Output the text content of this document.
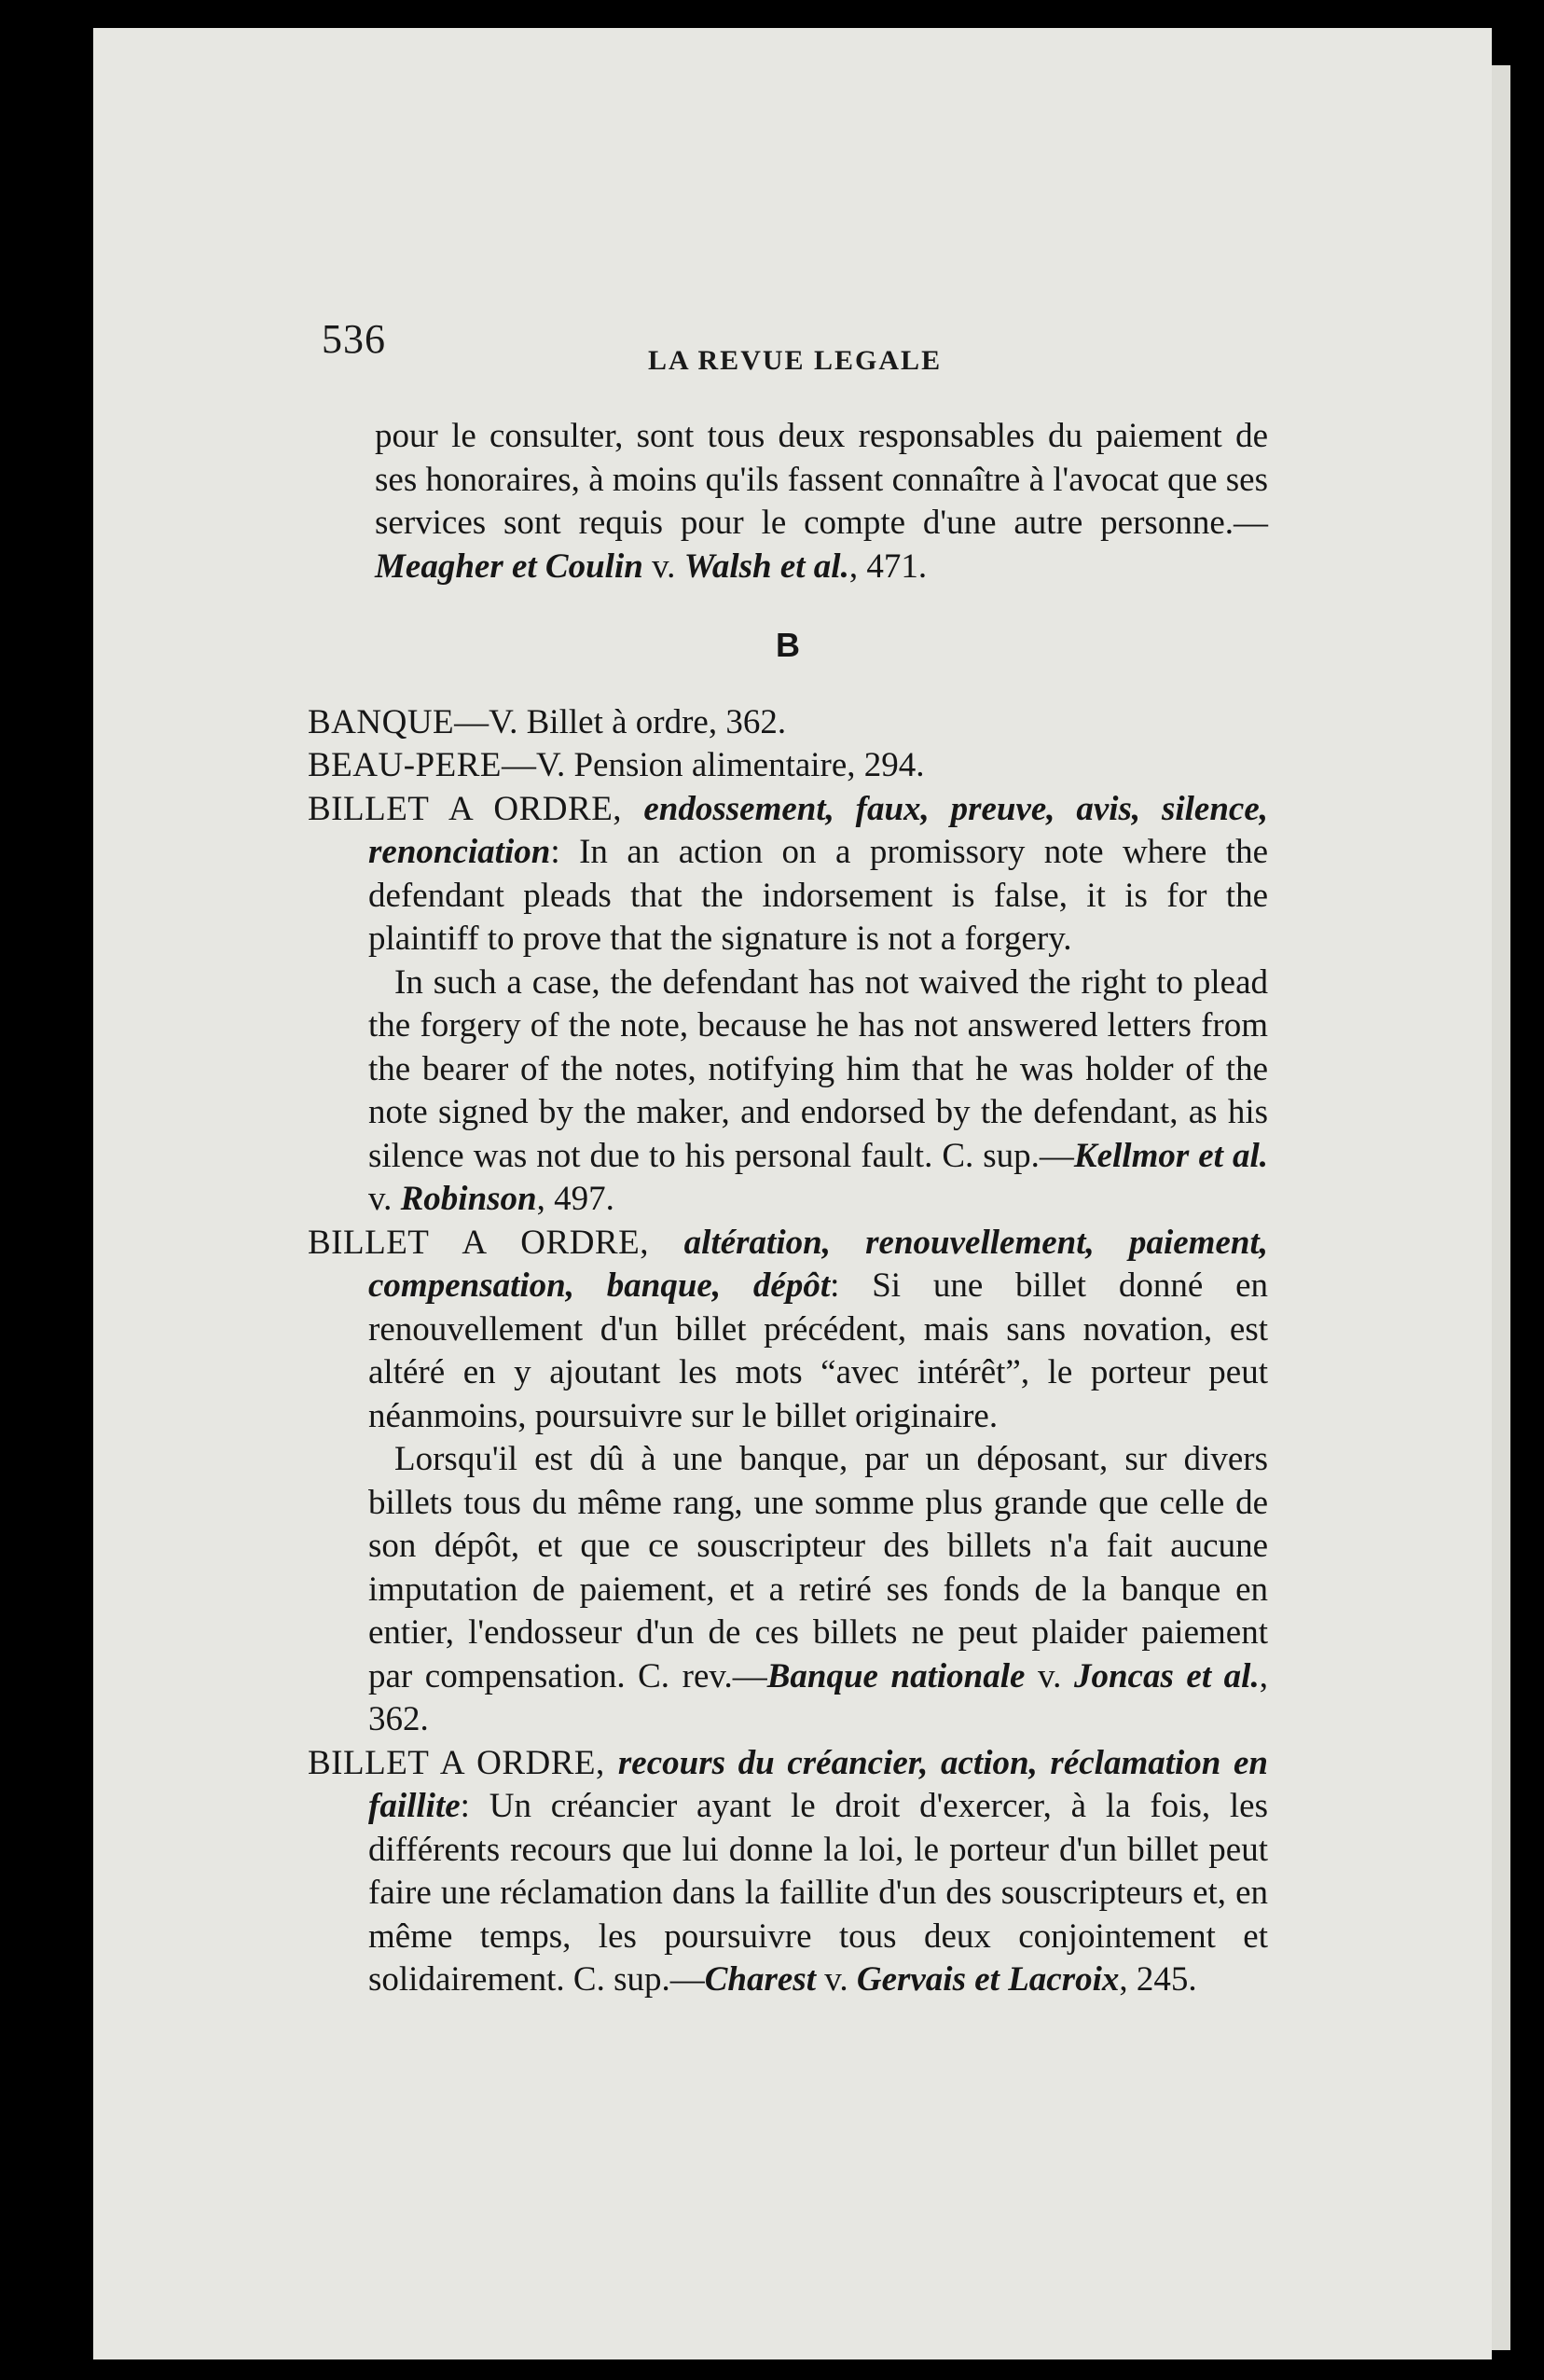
536	LA REVUE LEGALE

pour le consulter, sont tous deux responsables du paiement de ses honoraires, à moins qu'ils fassent connaître à l'avocat que ses services sont requis pour le compte d'une autre personne.—Meagher et Coulin v. Walsh et al., 471.

B

BANQUE—V. Billet à ordre, 362.

BEAU-PERE—V. Pension alimentaire, 294.

BILLET A ORDRE, endossement, faux, preuve, avis, silence, renonciation: In an action on a promissory note where the defendant pleads that the indorsement is false, it is for the plaintiff to prove that the signature is not a forgery.

In such a case, the defendant has not waived the right to plead the forgery of the note, because he has not answered letters from the bearer of the notes, notifying him that he was holder of the note signed by the maker, and endorsed by the defendant, as his silence was not due to his personal fault. C. sup.—Kellmor et al. v. Robinson, 497.

BILLET A ORDRE, altération, renouvellement, paiement, compensation, banque, dépôt: Si une billet donné en renouvellement d'un billet précédent, mais sans novation, est altéré en y ajoutant les mots “avec intérêt”, le porteur peut néanmoins, poursuivre sur le billet originaire.

Lorsqu'il est dû à une banque, par un déposant, sur divers billets tous du même rang, une somme plus grande que celle de son dépôt, et que ce souscripteur des billets n'a fait aucune imputation de paiement, et a retiré ses fonds de la banque en entier, l'endosseur d'un de ces billets ne peut plaider paiement par compensation. C. rev.—Banque nationale v. Joncas et al., 362.

BILLET A ORDRE, recours du créancier, action, réclamation en faillite: Un créancier ayant le droit d'exercer, à la fois, les différents recours que lui donne la loi, le porteur d'un billet peut faire une réclamation dans la faillite d'un des souscripteurs et, en même temps, les poursuivre tous deux conjointement et solidairement. C. sup.—Charest v. Gervais et Lacroix, 245.
